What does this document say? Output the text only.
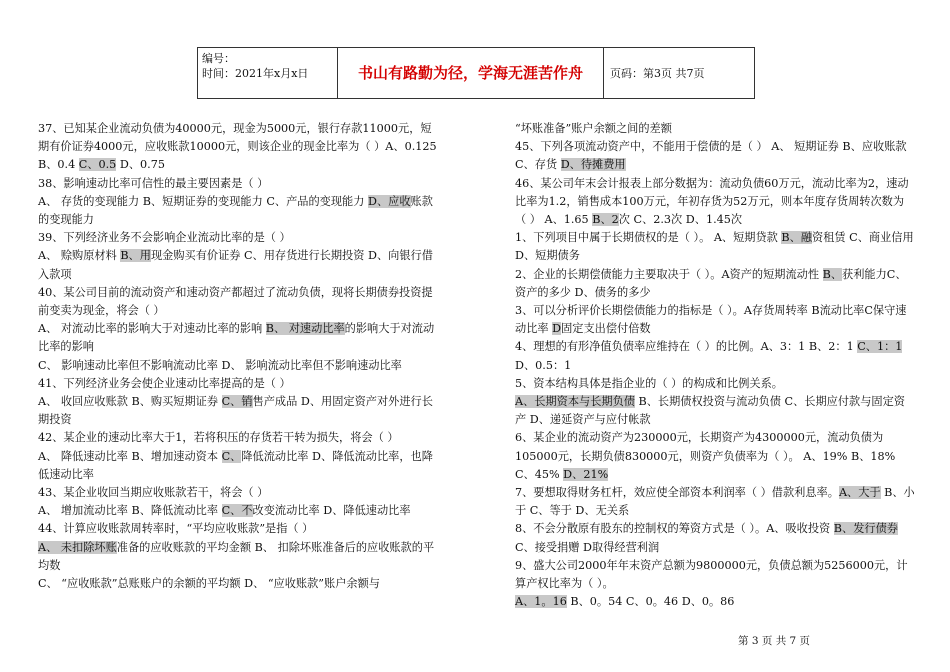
编号：
时间：2021年x月x日	书山有路勤为径，学海无涯苦作舟	页码：第3页 共7页

37、已知某企业流动负债为40000元，现金为5000元，银行存款11000元，短期有价证券4000元，应收账款10000元，则该企业的现金比率为（ ）A、0.125 B、0.4 C、0.5 D、0.75

38、影响速动比率可信性的最主要因素是（ ）

A、 存货的变现能力 B、短期证券的变现能力 C、产品的变现能力 D、应收账款的变现能力

39、下列经济业务不会影响企业流动比率的是（ ）

A、 赊购原材料 B、用现金购买有价证券 C、用存货进行长期投资 D、向银行借入款项

40、某公司目前的流动资产和速动资产都超过了流动负债，现将长期债券投资提前变卖为现金，将会（ ）

A、 对流动比率的影响大于对速动比率的影响 B、 对速动比率的影响大于对流动比率的影响

C、 影响速动比率但不影响流动比率 D、 影响流动比率但不影响速动比率

41、下列经济业务会使企业速动比率提高的是（ ）

A、 收回应收账款 B、购买短期证券 C、销售产成品 D、用固定资产对外进行长期投资

42、某企业的速动比率大于1，若将积压的存货若干转为损失，将会（ ）

A、 降低速动比率 B、增加速动资本 C、降低流动比率 D、降低流动比率，也降低速动比率

43、某企业收回当期应收账款若干，将会（ ）

A、 增加流动比率 B、降低流动比率 C、不改变流动比率 D、降低速动比率

44、计算应收账款周转率时，“平均应收账款”是指（ ）

A、 未扣除坏账准备的应收账款的平均金额 B、 扣除坏账准备后的应收账款的平均数

C、 “应收账款”总账账户的余额的平均额 D、 “应收账款”账户余额与

“坏账准备”账户余额之间的差额

45、下列各项流动资产中，不能用于偿债的是（ ） A、 短期证券 B、应收账款 C、存货 D、待摊费用

46、某公司年末会计报表上部分数据为：流动负债60万元，流动比率为2，速动比率为1.2，销售成本100万元，年初存货为52万元，则本年度存货周转次数为（ ） A、1.65 B、2次 C、2.3次 D、1.45次

1、下列项目中属于长期债权的是（ ）。 A、短期贷款 B、融资租赁 C、商业信用 D、短期债务

2、企业的长期偿债能力主要取决于（ ）。A资产的短期流动性 B、获利能力C、资产的多少 D、债务的多少

3、可以分析评价长期偿债能力的指标是（ ）。A存货周转率 B流动比率C保守速动比率 D固定支出偿付倍数

4、理想的有形净值负债率应维持在（ ）的比例。A、3：1 B、2：1 C、1：1 D、0.5：1

5、资本结构具体是指企业的（ ）的构成和比例关系。

A、长期资本与长期负债 B、长期债权投资与流动负债 C、长期应付款与固定资产 D、递延资产与应付帐款

6、某企业的流动资产为230000元，长期资产为4300000元，流动负债为105000元，长期负债830000元，则资产负债率为（ ）。 A、19% B、18% C、45% D、21%

7、要想取得财务杠杆，效应使全部资本利润率（ ）借款利息率。A、大于 B、小于 C、等于 D、无关系

8、不会分散原有股东的控制权的筹资方式是（ ）。A、吸收投资 B、发行债券 C、接受捐赠 D取得经营利润

9、盛大公司2000年年末资产总额为9800000元，负债总额为5256000元，计算产权比率为（ ）。

A、1。16 B、0。54 C、0。46 D、0。86

第 3 页 共 7 页
